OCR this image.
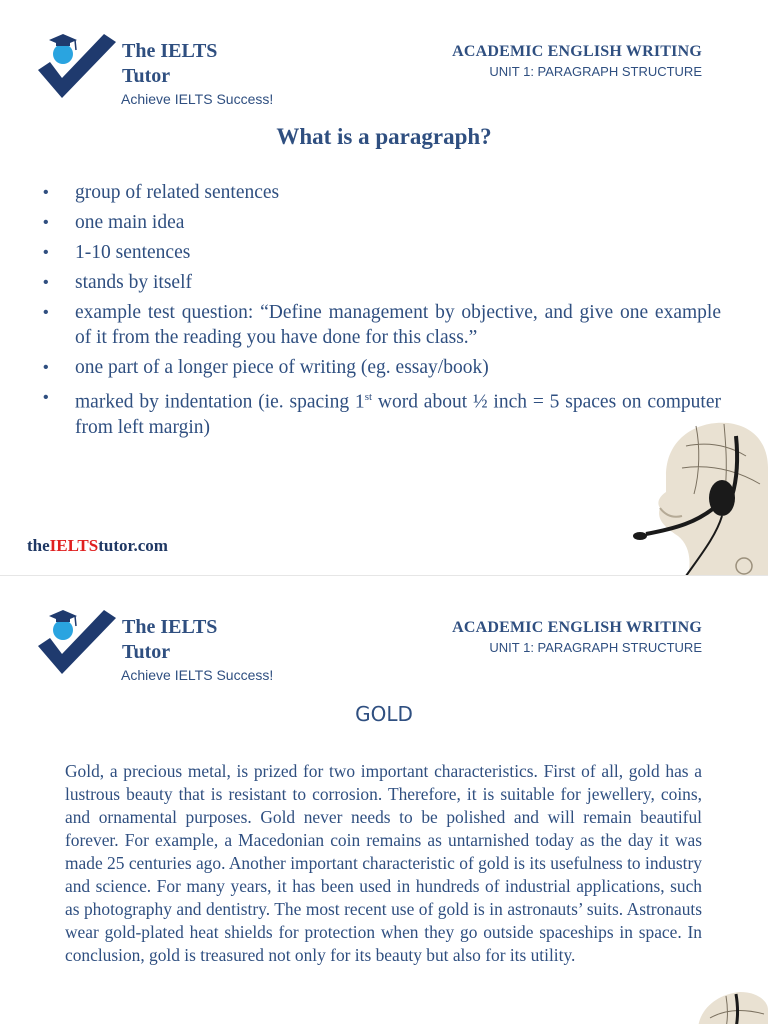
The IELTS
Tutor
Achieve IELTS Success!
ACADEMIC ENGLISH WRITING
UNIT 1: PARAGRAPH STRUCTURE
What is a paragraph?
• group of related sentences
• one main idea
• 1-10 sentences
• stands by itself
• example test question: “Define management by objective, and give one example of it from the reading you have done for this class.”
• one part of a longer piece of writing (eg. essay/book)
• marked by indentation (ie. spacing 1st word about ½ inch = 5 spaces on computer from left margin)
theIELTStutor.com
The IELTS
Tutor
Achieve IELTS Success!
ACADEMIC ENGLISH WRITING
UNIT 1: PARAGRAPH STRUCTURE
GOLD

Gold, a precious metal, is prized for two important characteristics. First of all, gold has a lustrous beauty that is resistant to corrosion. Therefore, it is suitable for jewellery, coins, and ornamental purposes. Gold never needs to be polished and will remain beautiful forever. For example, a Macedonian coin remains as untarnished today as the day it was made 25 centuries ago. Another important characteristic of gold is its usefulness to industry and science. For many years, it has been used in hundreds of industrial applications, such as photography and dentistry. The most recent use of gold is in astronauts’ suits. Astronauts wear gold-plated heat shields for protection when they go outside spaceships in space. In conclusion, gold is treasured not only for its beauty but also for its utility.
